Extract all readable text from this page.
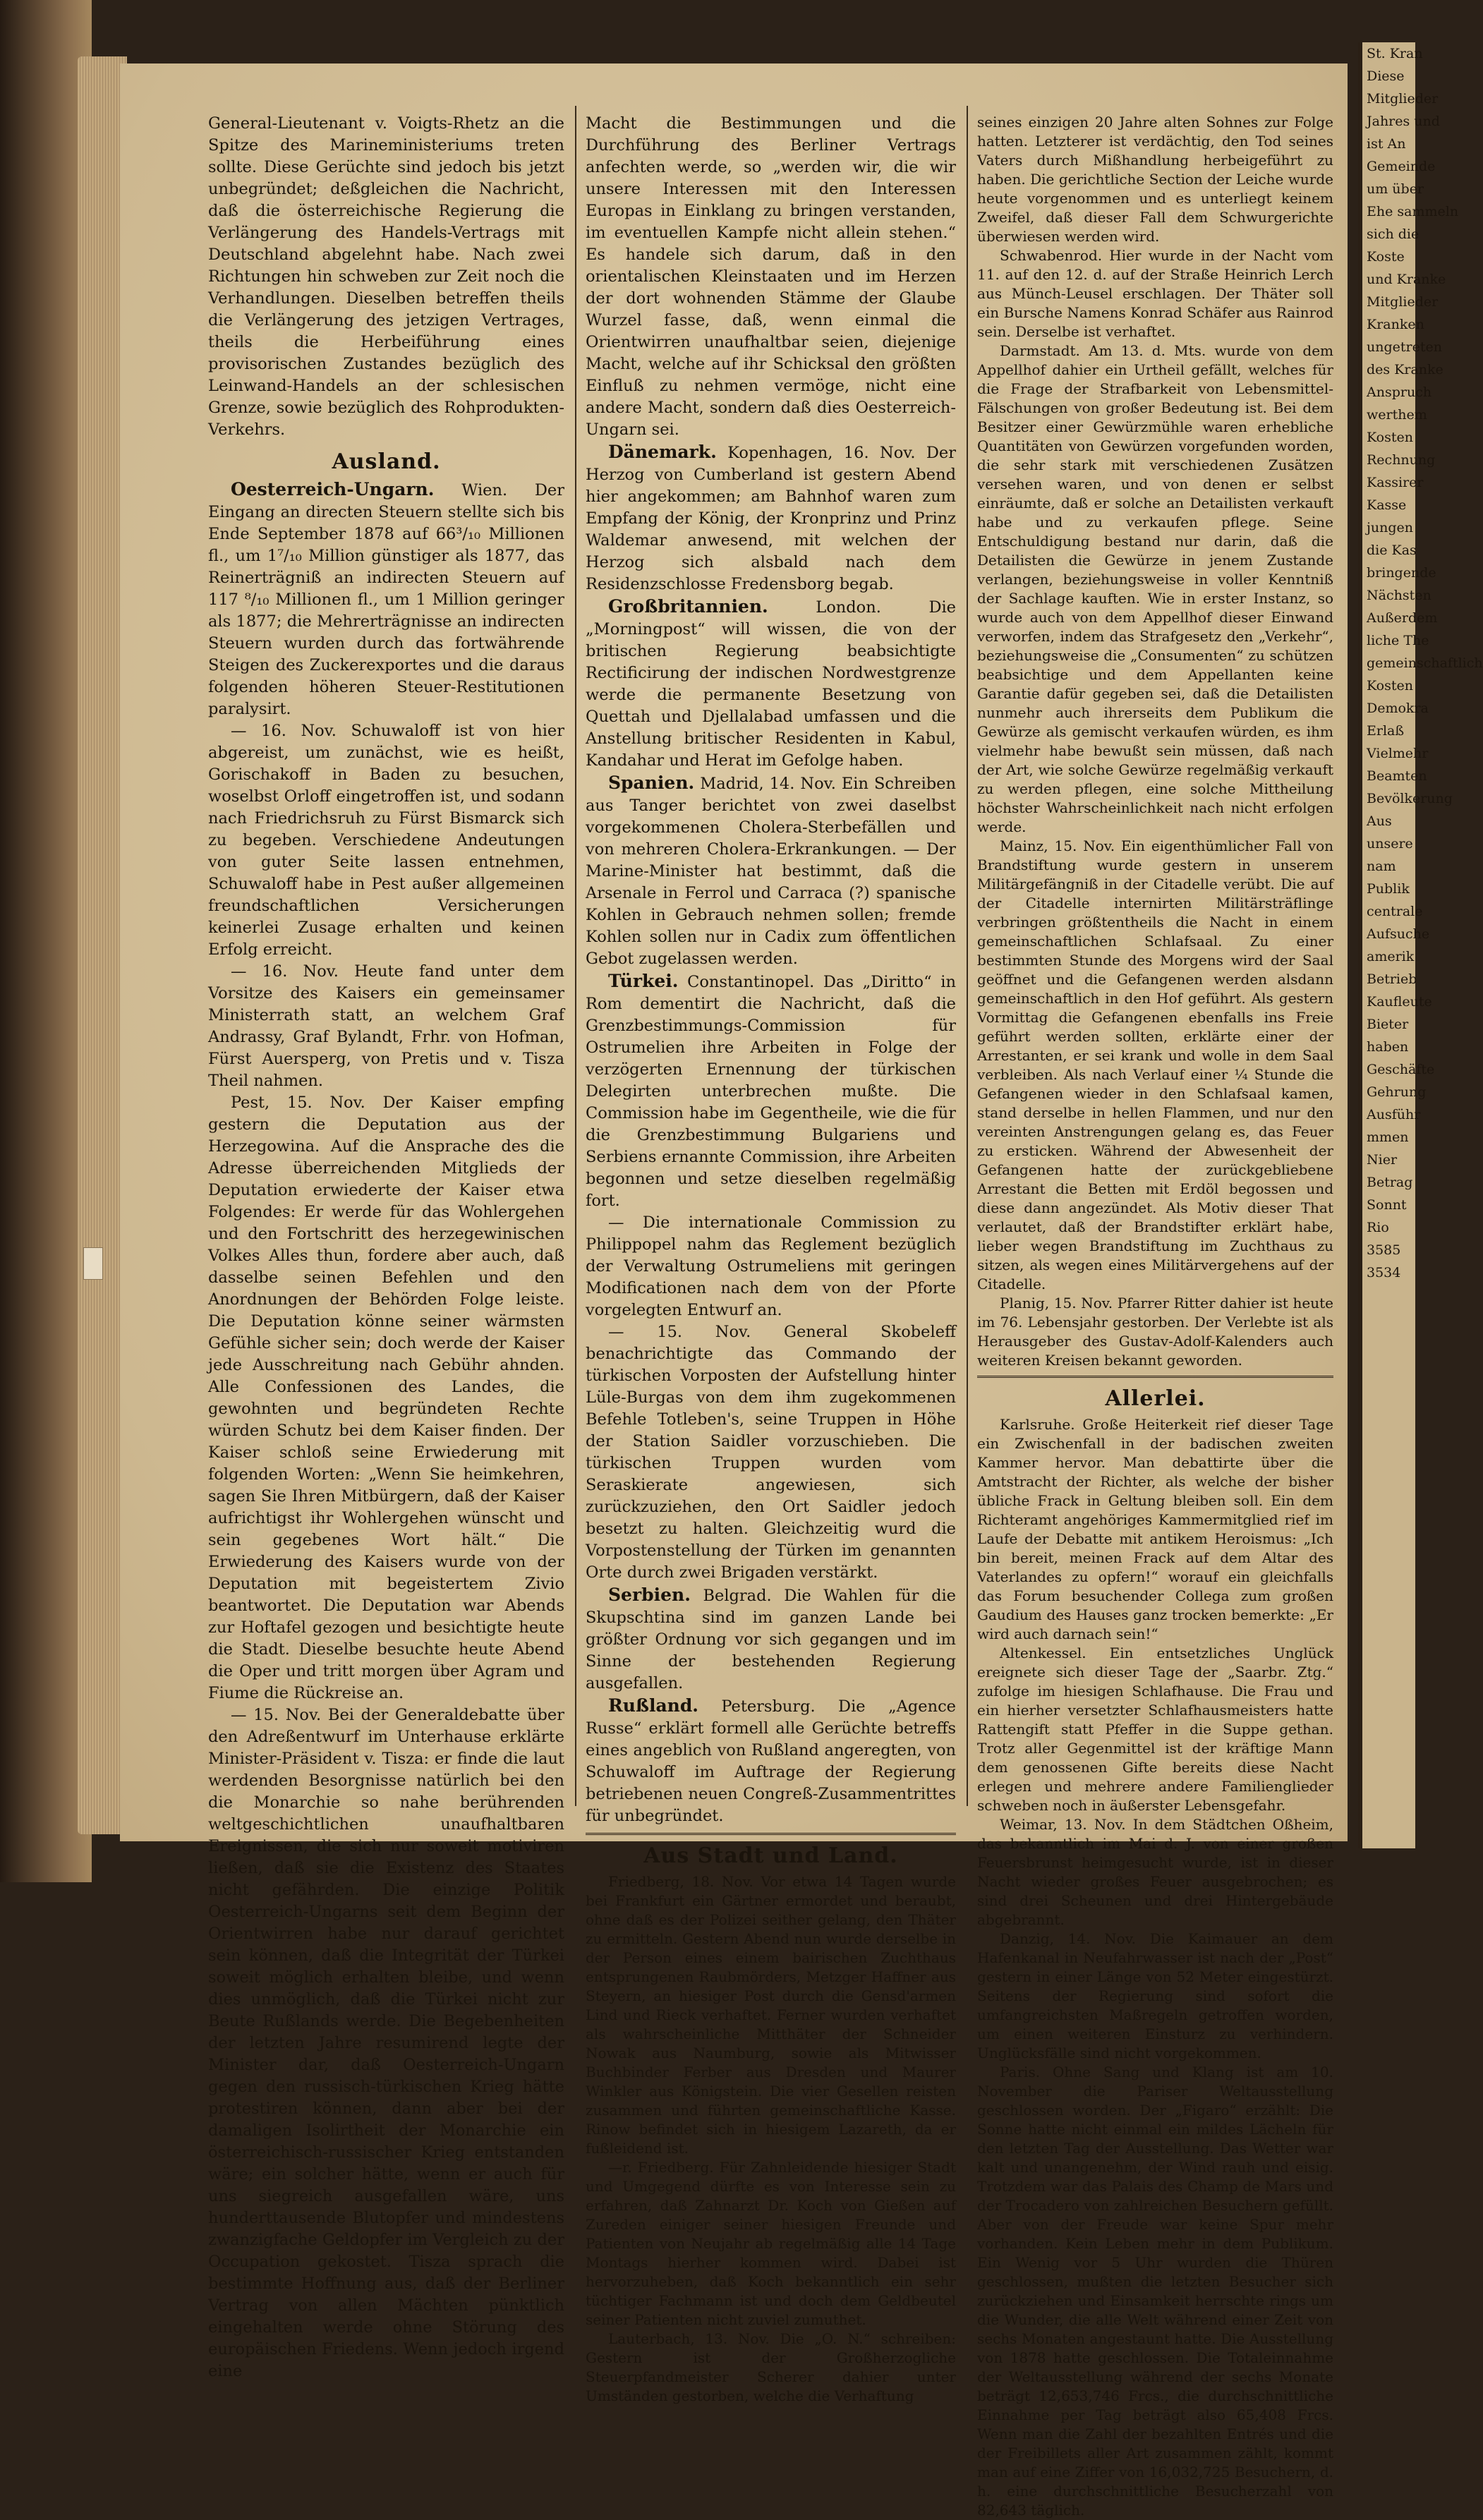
General-Lieutenant v. Voigts-Rhetz an die Spitze des Marineministeriums treten sollte. Diese Gerüchte sind jedoch bis jetzt unbegründet; deßgleichen die Nachricht, daß die österreichische Regierung die Verlängerung des Handels-Vertrags mit Deutschland abgelehnt habe. Nach zwei Richtungen hin schweben zur Zeit noch die Verhandlungen. Dieselben betreffen theils die Verlängerung des jetzigen Vertrages, theils die Herbeiführung eines provisorischen Zustandes bezüglich des Leinwand-Handels an der schlesischen Grenze, sowie bezüglich des Rohprodukten-Verkehrs.

Ausland.

Oesterreich-Ungarn. Wien. Der Eingang an directen Steuern stellte sich bis Ende September 1878 auf 66³/₁₀ Millionen fl., um 1⁷/₁₀ Million günstiger als 1877, das Reinerträgniß an indirecten Steuern auf 117 ⁸/₁₀ Millionen fl., um 1 Million geringer als 1877; die Mehrerträgnisse an indirecten Steuern wurden durch das fortwährende Steigen des Zuckerexportes und die daraus folgenden höheren Steuer-Restitutionen paralysirt.

— 16. Nov. Schuwaloff ist von hier abgereist, um zunächst, wie es heißt, Gorischakoff in Baden zu besuchen, woselbst Orloff eingetroffen ist, und sodann nach Friedrichsruh zu Fürst Bismarck sich zu begeben. Verschiedene Andeutungen von guter Seite lassen entnehmen, Schuwaloff habe in Pest außer allgemeinen freundschaftlichen Versicherungen keinerlei Zusage erhalten und keinen Erfolg erreicht.

— 16. Nov. Heute fand unter dem Vorsitze des Kaisers ein gemeinsamer Ministerrath statt, an welchem Graf Andrassy, Graf Bylandt, Frhr. von Hofman, Fürst Auersperg, von Pretis und v. Tisza Theil nahmen.

Pest, 15. Nov. Der Kaiser empfing gestern die Deputation aus der Herzegowina. Auf die Ansprache des die Adresse überreichenden Mitglieds der Deputation erwiederte der Kaiser etwa Folgendes: Er werde für das Wohlergehen und den Fortschritt des herzegewinischen Volkes Alles thun, fordere aber auch, daß dasselbe seinen Befehlen und den Anordnungen der Behörden Folge leiste. Die Deputation könne seiner wärmsten Gefühle sicher sein; doch werde der Kaiser jede Ausschreitung nach Gebühr ahnden. Alle Confessionen des Landes, die gewohnten und begründeten Rechte würden Schutz bei dem Kaiser finden. Der Kaiser schloß seine Erwiederung mit folgenden Worten: „Wenn Sie heimkehren, sagen Sie Ihren Mitbürgern, daß der Kaiser aufrichtigst ihr Wohlergehen wünscht und sein gegebenes Wort hält.“ Die Erwiederung des Kaisers wurde von der Deputation mit begeistertem Zivio beantwortet. Die Deputation war Abends zur Hoftafel gezogen und besichtigte heute die Stadt. Dieselbe besuchte heute Abend die Oper und tritt morgen über Agram und Fiume die Rückreise an.

— 15. Nov. Bei der Generaldebatte über den Adreßentwurf im Unterhause erklärte Minister-Präsident v. Tisza: er finde die laut werdenden Besorgnisse natürlich bei den die Monarchie so nahe berührenden weltgeschichtlichen unaufhaltbaren Ereignissen, die sich nur soweit motiviren ließen, daß sie die Existenz des Staates nicht gefährden. Die einzige Politik Oesterreich-Ungarns seit dem Beginn der Orientwirren habe nur darauf gerichtet sein können, daß die Integrität der Türkei soweit möglich erhalten bleibe, und wenn dies unmöglich, daß die Türkei nicht zur Beute Rußlands werde. Die Begebenheiten der letzten Jahre resumirend legte der Minister dar, daß Oesterreich-Ungarn gegen den russisch-türkischen Krieg hätte protestiren können, dann aber bei der damaligen Isolirtheit der Monarchie ein österreichisch-russischer Krieg entstanden wäre; ein solcher hätte, wenn er auch für uns siegreich ausgefallen wäre, uns hunderttausende Blutopfer und mindestens zwanzigfache Geldopfer im Vergleich zu der Occupation gekostet. Tisza sprach die bestimmte Hoffnung aus, daß der Berliner Vertrag von allen Mächten pünktlich eingehalten werde ohne Störung des europäischen Friedens. Wenn jedoch irgend eine

Macht die Bestimmungen und die Durchführung des Berliner Vertrags anfechten werde, so „werden wir, die wir unsere Interessen mit den Interessen Europas in Einklang zu bringen verstanden, im eventuellen Kampfe nicht allein stehen.“ Es handele sich darum, daß in den orientalischen Kleinstaaten und im Herzen der dort wohnenden Stämme der Glaube Wurzel fasse, daß, wenn einmal die Orientwirren unaufhaltbar seien, diejenige Macht, welche auf ihr Schicksal den größten Einfluß zu nehmen vermöge, nicht eine andere Macht, sondern daß dies Oesterreich-Ungarn sei.

Dänemark. Kopenhagen, 16. Nov. Der Herzog von Cumberland ist gestern Abend hier angekommen; am Bahnhof waren zum Empfang der König, der Kronprinz und Prinz Waldemar anwesend, mit welchen der Herzog sich alsbald nach dem Residenzschlosse Fredensborg begab.

Großbritannien. London. Die „Morningpost“ will wissen, die von der britischen Regierung beabsichtigte Rectificirung der indischen Nordwestgrenze werde die permanente Besetzung von Quettah und Djellalabad umfassen und die Anstellung britischer Residenten in Kabul, Kandahar und Herat im Gefolge haben.

Spanien. Madrid, 14. Nov. Ein Schreiben aus Tanger berichtet von zwei daselbst vorgekommenen Cholera-Sterbefällen und von mehreren Cholera-Erkrankungen. — Der Marine-Minister hat bestimmt, daß die Arsenale in Ferrol und Carraca (?) spanische Kohlen in Gebrauch nehmen sollen; fremde Kohlen sollen nur in Cadix zum öffentlichen Gebot zugelassen werden.

Türkei. Constantinopel. Das „Diritto“ in Rom dementirt die Nachricht, daß die Grenzbestimmungs-Commission für Ostrumelien ihre Arbeiten in Folge der verzögerten Ernennung der türkischen Delegirten unterbrechen mußte. Die Commission habe im Gegentheile, wie die für die Grenzbestimmung Bulgariens und Serbiens ernannte Commission, ihre Arbeiten begonnen und setze dieselben regelmäßig fort.

— Die internationale Commission zu Philippopel nahm das Reglement bezüglich der Verwaltung Ostrumeliens mit geringen Modificationen nach dem von der Pforte vorgelegten Entwurf an.

— 15. Nov. General Skobeleff benachrichtigte das Commando der türkischen Vorposten der Aufstellung hinter Lüle-Burgas von dem ihm zugekommenen Befehle Totleben's, seine Truppen in Höhe der Station Saidler vorzuschieben. Die türkischen Truppen wurden vom Seraskierate angewiesen, sich zurückzuziehen, den Ort Saidler jedoch besetzt zu halten. Gleichzeitig wurd die Vorpostenstellung der Türken im genannten Orte durch zwei Brigaden verstärkt.

Serbien. Belgrad. Die Wahlen für die Skupschtina sind im ganzen Lande bei größter Ordnung vor sich gegangen und im Sinne der bestehenden Regierung ausgefallen.

Rußland. Petersburg. Die „Agence Russe“ erklärt formell alle Gerüchte betreffs eines angeblich von Rußland angeregten, von Schuwaloff im Auftrage der Regierung betriebenen neuen Congreß-Zusammentrittes für unbegründet.

Aus Stadt und Land.

Friedberg, 18. Nov. Vor etwa 14 Tagen wurde bei Frankfurt ein Gärtner ermordet und beraubt, ohne daß es der Polizei seither gelang, den Thäter zu ermitteln. Gestern Abend nun wurde derselbe in der Person eines einem bairischen Zuchthaus entsprungenen Raubmörders, Metzger Haffner aus Steyern, an hiesiger Post durch die Gensd'armen Lind und Rieck verhaftet. Ferner wurden verhaftet als wahrscheinliche Mitthäter der Schneider Nowak aus Naumburg, sowie als Mitwisser Buchbinder Ferber aus Dresden und Maurer Winkler aus Königstein. Die vier Gesellen reisten zusammen und führten gemeinschaftliche Kasse. Rinow befindet sich in hiesigem Lazareth, da er fußleidend ist.

—r. Friedberg. Für Zahnleidende hiesiger Stadt und Umgegend dürfte es von Interesse sein zu erfahren, daß Zahnarzt Dr. Koch von Gießen auf Zureden einiger seiner hiesigen Freunde und Patienten von Neujahr ab regelmäßig alle 14 Tage Montags hierher kommen wird. Dabei ist hervorzuheben, daß Koch bekanntlich ein sehr tüchtiger Fachmann ist und doch dem Geldbeutel seiner Patienten nicht zuviel zumuthet.

Lauterbach, 13. Nov. Die „O. N.“ schreiben: Gestern ist der Großherzogliche Steuerpfandmeister Scherer dahier unter Umständen gestorben, welche die Verhaftung

seines einzigen 20 Jahre alten Sohnes zur Folge hatten. Letzterer ist verdächtig, den Tod seines Vaters durch Mißhandlung herbeigeführt zu haben. Die gerichtliche Section der Leiche wurde heute vorgenommen und es unterliegt keinem Zweifel, daß dieser Fall dem Schwurgerichte überwiesen werden wird.

Schwabenrod. Hier wurde in der Nacht vom 11. auf den 12. d. auf der Straße Heinrich Lerch aus Münch-Leusel erschlagen. Der Thäter soll ein Bursche Namens Konrad Schäfer aus Rainrod sein. Derselbe ist verhaftet.

Darmstadt. Am 13. d. Mts. wurde von dem Appellhof dahier ein Urtheil gefällt, welches für die Frage der Strafbarkeit von Lebensmittel-Fälschungen von großer Bedeutung ist. Bei dem Besitzer einer Gewürzmühle waren erhebliche Quantitäten von Gewürzen vorgefunden worden, die sehr stark mit verschiedenen Zusätzen versehen waren, und von denen er selbst einräumte, daß er solche an Detailisten verkauft habe und zu verkaufen pflege. Seine Entschuldigung bestand nur darin, daß die Detailisten die Gewürze in jenem Zustande verlangen, beziehungsweise in voller Kenntniß der Sachlage kauften. Wie in erster Instanz, so wurde auch von dem Appellhof dieser Einwand verworfen, indem das Strafgesetz den „Verkehr“, beziehungsweise die „Consumenten“ zu schützen beabsichtige und dem Appellanten keine Garantie dafür gegeben sei, daß die Detailisten nunmehr auch ihrerseits dem Publikum die Gewürze als gemischt verkaufen würden, es ihm vielmehr habe bewußt sein müssen, daß nach der Art, wie solche Gewürze regelmäßig verkauft zu werden pflegen, eine solche Mittheilung höchster Wahrscheinlichkeit nach nicht erfolgen werde.

Mainz, 15. Nov. Ein eigenthümlicher Fall von Brandstiftung wurde gestern in unserem Militärgefängniß in der Citadelle verübt. Die auf der Citadelle internirten Militärsträflinge verbringen größtentheils die Nacht in einem gemeinschaftlichen Schlafsaal. Zu einer bestimmten Stunde des Morgens wird der Saal geöffnet und die Gefangenen werden alsdann gemeinschaftlich in den Hof geführt. Als gestern Vormittag die Gefangenen ebenfalls ins Freie geführt werden sollten, erklärte einer der Arrestanten, er sei krank und wolle in dem Saal verbleiben. Als nach Verlauf einer ¼ Stunde die Gefangenen wieder in den Schlafsaal kamen, stand derselbe in hellen Flammen, und nur den vereinten Anstrengungen gelang es, das Feuer zu ersticken. Während der Abwesenheit der Gefangenen hatte der zurückgebliebene Arrestant die Betten mit Erdöl begossen und diese dann angezündet. Als Motiv dieser That verlautet, daß der Brandstifter erklärt habe, lieber wegen Brandstiftung im Zuchthaus zu sitzen, als wegen eines Militärvergehens auf der Citadelle.

Planig, 15. Nov. Pfarrer Ritter dahier ist heute im 76. Lebensjahr gestorben. Der Verlebte ist als Herausgeber des Gustav-Adolf-Kalenders auch weiteren Kreisen bekannt geworden.

Allerlei.

Karlsruhe. Große Heiterkeit rief dieser Tage ein Zwischenfall in der badischen zweiten Kammer hervor. Man debattirte über die Amtstracht der Richter, als welche der bisher übliche Frack in Geltung bleiben soll. Ein dem Richteramt angehöriges Kammermitglied rief im Laufe der Debatte mit antikem Heroismus: „Ich bin bereit, meinen Frack auf dem Altar des Vaterlandes zu opfern!“ worauf ein gleichfalls das Forum besuchender Collega zum großen Gaudium des Hauses ganz trocken bemerkte: „Er wird auch darnach sein!“

Altenkessel. Ein entsetzliches Unglück ereignete sich dieser Tage der „Saarbr. Ztg.“ zufolge im hiesigen Schlafhause. Die Frau und ein hierher versetzter Schlafhausmeisters hatte Rattengift statt Pfeffer in die Suppe gethan. Trotz aller Gegenmittel ist der kräftige Mann dem genossenen Gifte bereits diese Nacht erlegen und mehrere andere Familienglieder schweben noch in äußerster Lebensgefahr.

Weimar, 13. Nov. In dem Städtchen Oßheim, das bekanntlich im Mai d. J. von einer großen Feuersbrunst heimgesucht wurde, ist in dieser Nacht wieder großes Feuer ausgebrochen; es sind drei Scheunen und drei Hintergebäude abgebrannt.

Danzig, 14. Nov. Die Kaimauer an dem Hafenkanal in Neufahrwasser ist nach der „Post“ gestern in einer Länge von 52 Meter eingestürzt. Seitens der Regierung sind sofort die umfangreichsten Maßregeln getroffen worden, um einen weiteren Einsturz zu verhindern. Unglücksfälle sind nicht vorgekommen.

Paris. Ohne Sang und Klang ist am 10. November die Pariser Weltausstellung geschlossen worden. Der „Figaro“ erzählt: Die Sonne hatte nicht einmal ein mildes Lächeln für den letzten Tag der Ausstellung. Das Wetter war kalt und unangenehm, der Wind rauh und eisig. Trotzdem war das Palais des Champ de Mars und der Trocadero von zahlreichen Besuchern gefüllt. Aber von der Freude war keine Spur mehr vorhanden. Kein Leben mehr in dem Publikum. Ein Wenig vor 5 Uhr wurden die Thüren geschlossen, mußten die letzten Besucher sich zurückziehen und Einsamkeit herrschte rings um die Wunder, die alle Welt während einer Zeit von sechs Monaten angestaunt hatte. Die Ausstellung von 1878 hatte geschlossen. Die Totaleinnahme der Weltausstellung während der sechs Monate beträgt 12,653,746 Frcs., die durchschnittliche Einnahme per Tag beträgt also 65,408 Frcs. Wenn man die Zahl der bezahlten Entrés und die der Freibillets aller Art zusammen zählt, kommt man auf eine Ziffer von 16,032,725 Besuchern, d. h. eine durchschnittliche Besucherzahl von 82,643 täglich.

St. Kran
Diese
Mitglieder
Jahres und
ist An
Gemeinde
um über
Ehe sammeln
sich die
Koste
und Kranke
Mitglieder
Kranken
ungetreten
des Kranke
Anspruch
werthem
Kosten
Rechnung
Kassirer
Kasse
jungen
die Kas
bringende
Nächsten
Außerdem
liche The
gemeinschaftlich
Kosten
Demokra
Erlaß
Vielmehr
Beamten
Bevölkerung
Aus
unsere
nam
Publik
centrale
Aufsuche
amerik
Betrieb
Kaufleute
Bieter
haben
Geschäfte
Gehrung
Ausführ
mmen
Nier
Betrag
Sonnt
Rio
3585
3534
